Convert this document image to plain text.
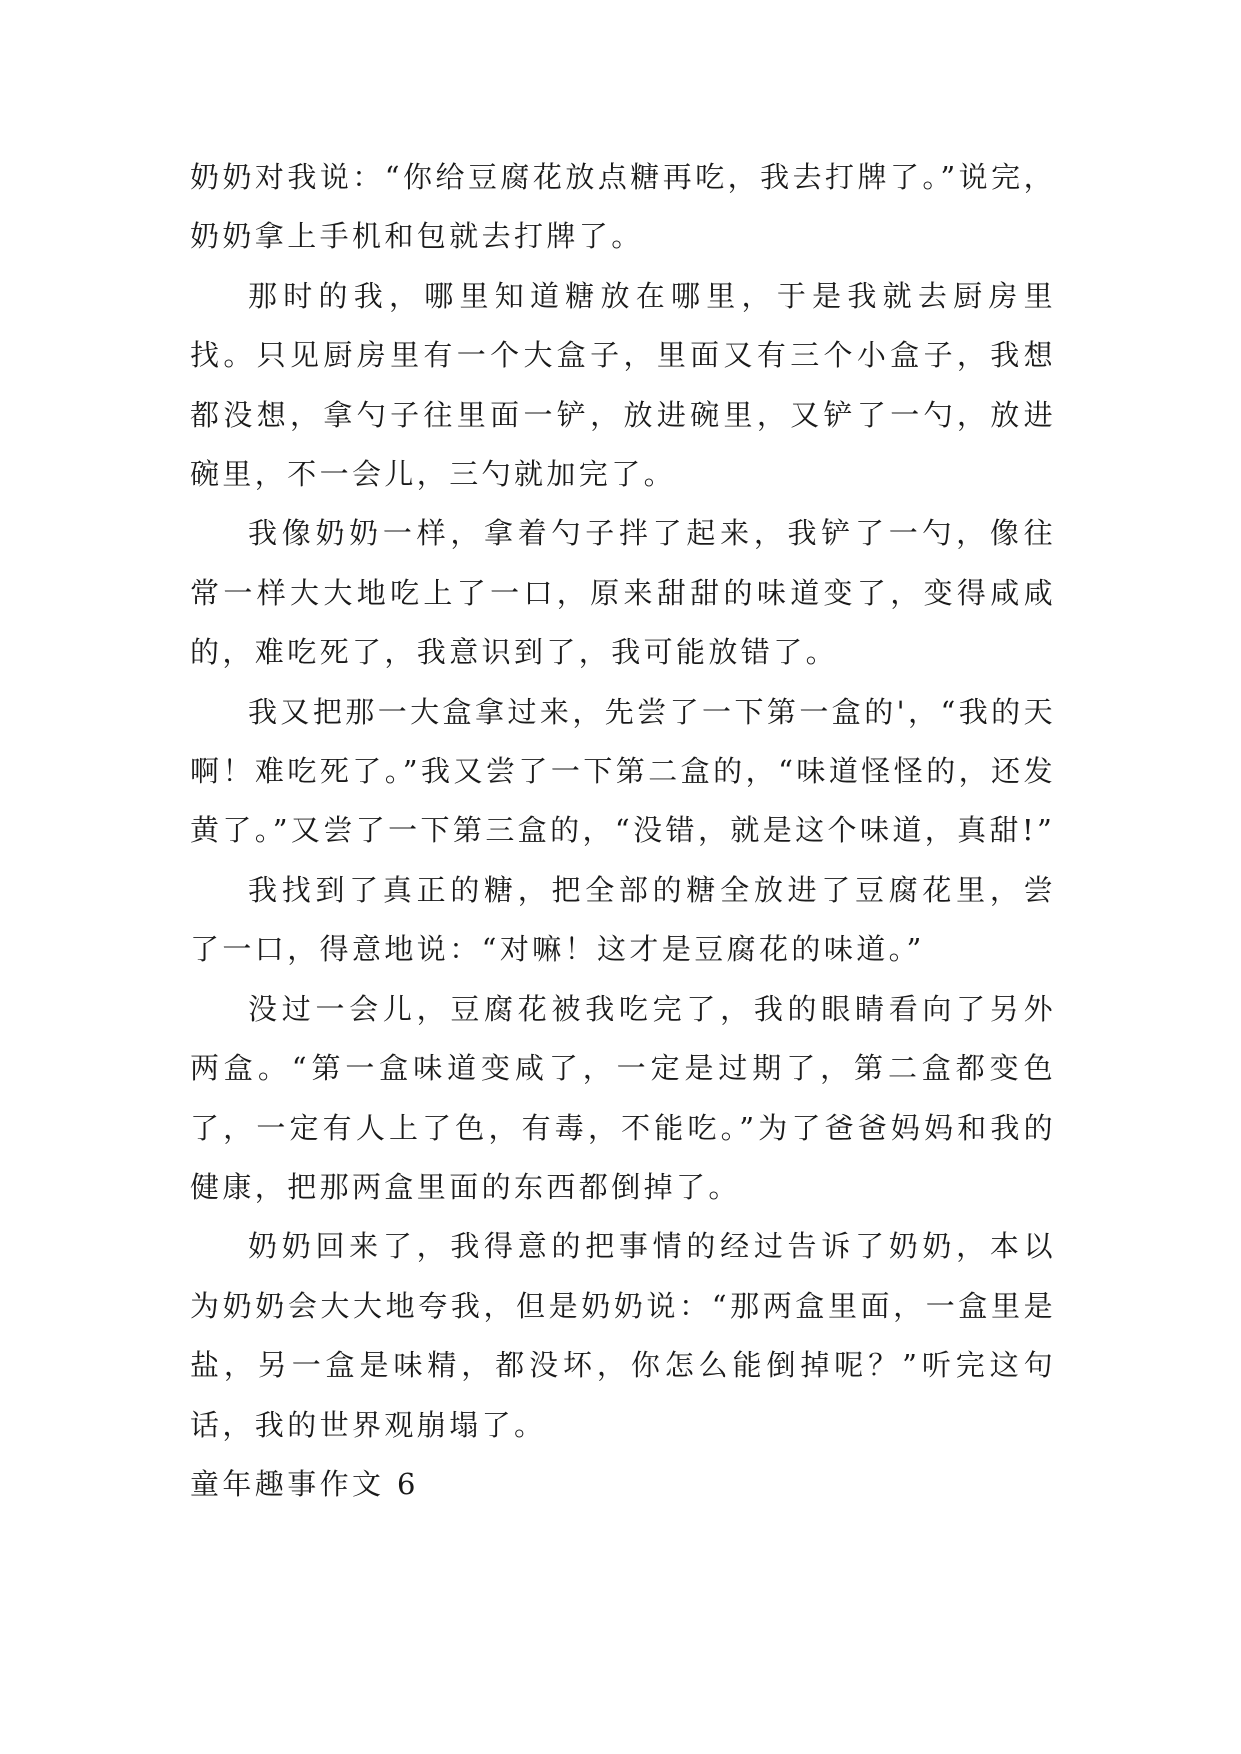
奶奶对我说：“你给豆腐花放点糖再吃，我去打牌了。”说完，奶奶拿上手机和包就去打牌了。

那时的我，哪里知道糖放在哪里，于是我就去厨房里找。只见厨房里有一个大盒子，里面又有三个小盒子，我想都没想，拿勺子往里面一铲，放进碗里，又铲了一勺，放进碗里，不一会儿，三勺就加完了。

我像奶奶一样，拿着勺子拌了起来，我铲了一勺，像往常一样大大地吃上了一口，原来甜甜的味道变了，变得咸咸的，难吃死了，我意识到了，我可能放错了。

我又把那一大盒拿过来，先尝了一下第一盒的'，“我的天啊！难吃死了。”我又尝了一下第二盒的，“味道怪怪的，还发黄了。”又尝了一下第三盒的，“没错，就是这个味道，真甜!”

我找到了真正的糖，把全部的糖全放进了豆腐花里，尝了一口，得意地说：“对嘛！这才是豆腐花的味道。”

没过一会儿，豆腐花被我吃完了，我的眼睛看向了另外两盒。“第一盒味道变咸了，一定是过期了，第二盒都变色了，一定有人上了色，有毒，不能吃。”为了爸爸妈妈和我的健康，把那两盒里面的东西都倒掉了。

奶奶回来了，我得意的把事情的经过告诉了奶奶，本以为奶奶会大大地夸我，但是奶奶说：“那两盒里面，一盒里是盐，另一盒是味精，都没坏，你怎么能倒掉呢？”听完这句话，我的世界观崩塌了。

童年趣事作文 6
